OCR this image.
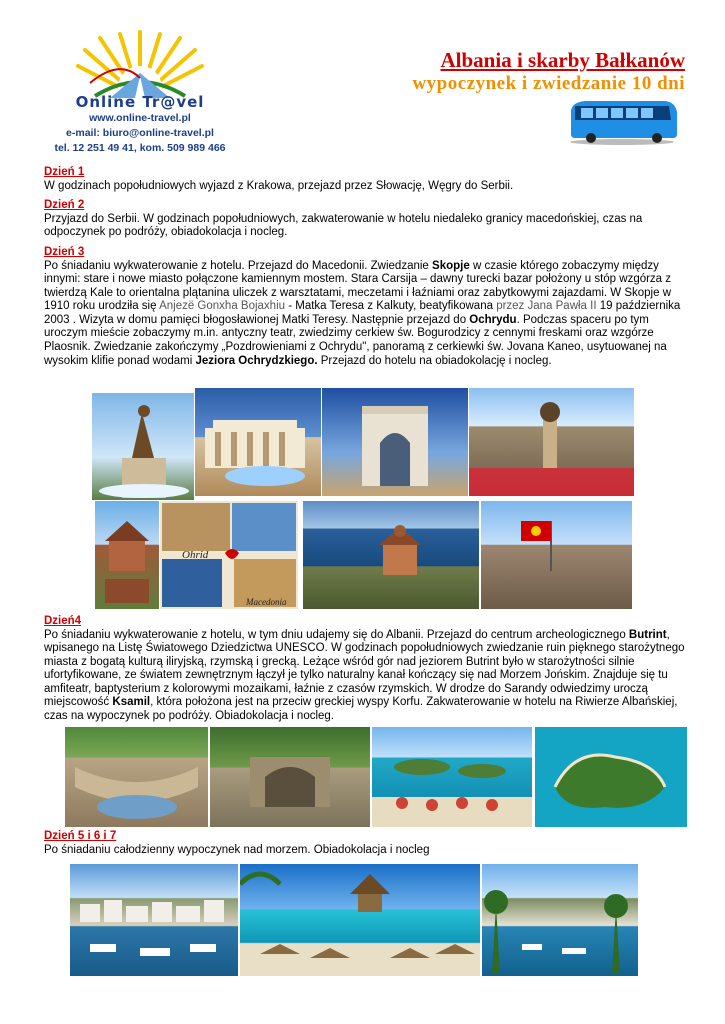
Online Tr@vel
www.online-travel.pl
e-mail: biuro@online-travel.pl
tel. 12 251 49 41, kom. 509 989 466
Albania i skarby Bałkanów
wypoczynek i zwiedzanie 10 dni
Dzień 1

W godzinach popołudniowych wyjazd z Krakowa, przejazd przez Słowację, Węgry do Serbii.

Dzień 2

Przyjazd do Serbii. W godzinach popołudniowych, zakwaterowanie w hotelu niedaleko granicy macedońskiej, czas na odpoczynek po podróży, obiadokolacja i nocleg.

Dzień 3

Po śniadaniu wykwaterowanie z hotelu. Przejazd do Macedonii. Zwiedzanie Skopje w czasie którego zobaczymy między innymi: stare i nowe miasto połączone kamiennym mostem. Stara Carsija – dawny turecki bazar położony u stóp wzgórza z twierdzą Kale to orientalna plątanina uliczek z warsztatami, meczetami i łaźniami oraz zabytkowymi zajazdami. W Skopje w 1910 roku urodziła się Anjezë Gonxha Bojaxhiu - Matka Teresa z Kalkuty, beatyfikowana przez Jana Pawła II 19 października 2003 . Wizyta w domu pamięci błogosławionej Matki Teresy. Następnie przejazd do Ochrydu. Podczas spaceru po tym uroczym mieście zobaczymy m.in. antyczny teatr, zwiedzimy cerkiew św. Bogurodzicy z cennymi freskami oraz wzgórze Plaosnik. Zwiedzanie zakończymy „Pozdrowieniami z Ochrydu", panoramą z cerkiewki św. Jovana Kaneo, usytuowanej na wysokim klifie ponad wodami Jeziora Ochrydzkiego. Przejazd do hotelu na obiadokolację i nocleg.

Ohrid
Macedonia
Dzień4

Po śniadaniu wykwaterowanie z hotelu, w tym dniu udajemy się do Albanii. Przejazd do centrum archeologicznego Butrint, wpisanego na Listę Światowego Dziedzictwa UNESCO. W godzinach popołudniowych zwiedzanie ruin pięknego starożytnego miasta z bogatą kulturą iliryjską, rzymską i grecką. Leżące wśród gór nad jeziorem Butrint było w starożytności silnie ufortyfikowane, ze światem zewnętrznym łączył je tylko naturalny kanał kończący się nad Morzem Jońskim. Znajduje się tu amfiteatr, baptysterium z kolorowymi mozaikami, łaźnie z czasów rzymskich. W drodze do Sarandy odwiedzimy uroczą miejscowość Ksamil, która położona jest na przeciw greckiej wyspy Korfu. Zakwaterowanie w hotelu na Riwierze Albańskiej, czas na wypoczynek po podróży. Obiadokolacja i nocleg.

Dzień 5 i 6 i 7

Po śniadaniu całodzienny wypoczynek nad morzem. Obiadokolacja i nocleg
